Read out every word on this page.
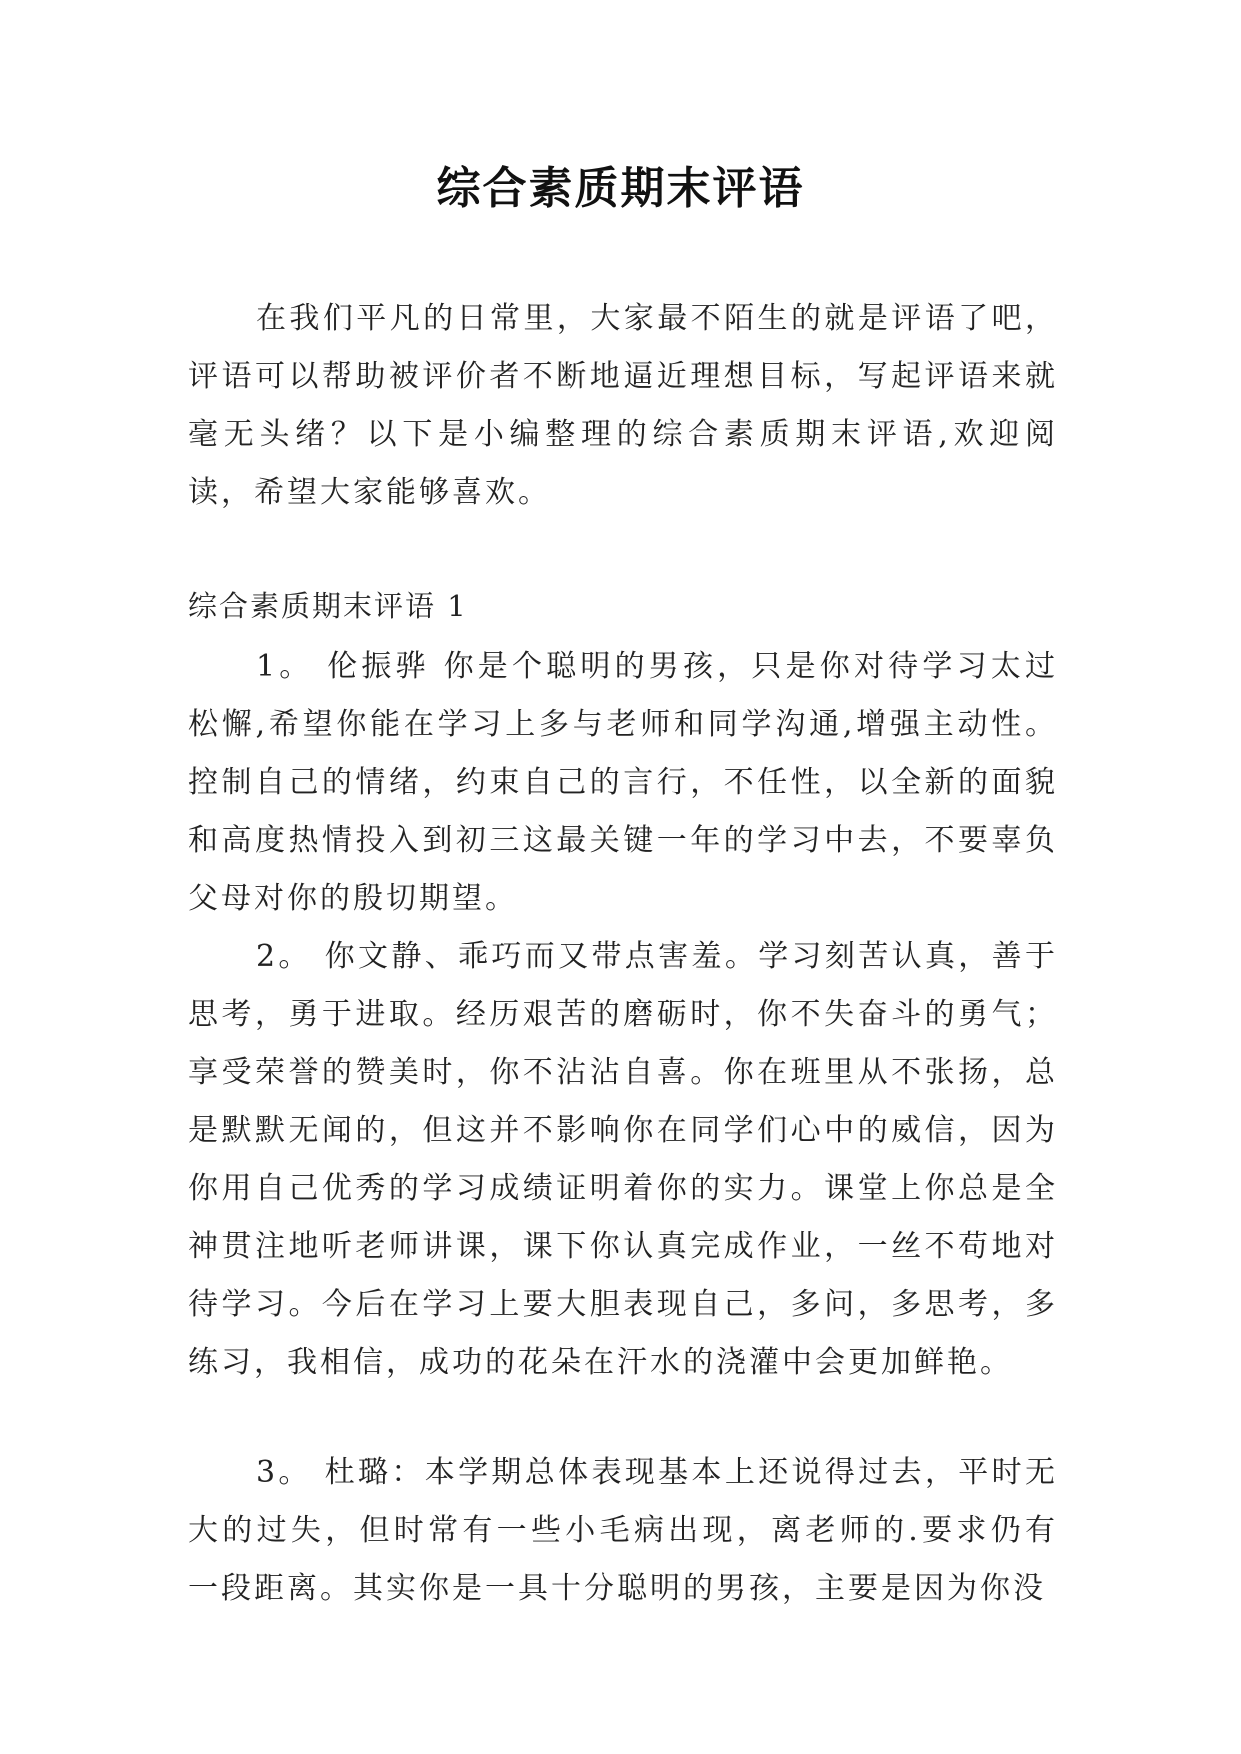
综合素质期末评语

在我们平凡的日常里，大家最不陌生的就是评语了吧，评语可以帮助被评价者不断地逼近理想目标，写起评语来就毫无头绪？以下是小编整理的综合素质期末评语,欢迎阅读，希望大家能够喜欢。

综合素质期末评语 1

1。 伦振骅 你是个聪明的男孩，只是你对待学习太过松懈,希望你能在学习上多与老师和同学沟通,增强主动性。控制自己的情绪，约束自己的言行，不任性，以全新的面貌和高度热情投入到初三这最关键一年的学习中去，不要辜负父母对你的殷切期望。

2。 你文静、乖巧而又带点害羞。学习刻苦认真，善于思考，勇于进取。经历艰苦的磨砺时，你不失奋斗的勇气；享受荣誉的赞美时，你不沾沾自喜。你在班里从不张扬，总是默默无闻的，但这并不影响你在同学们心中的威信，因为你用自己优秀的学习成绩证明着你的实力。课堂上你总是全神贯注地听老师讲课，课下你认真完成作业，一丝不苟地对待学习。今后在学习上要大胆表现自己，多问，多思考，多练习，我相信，成功的花朵在汗水的浇灌中会更加鲜艳。

3。 杜璐：本学期总体表现基本上还说得过去，平时无大的过失，但时常有一些小毛病出现，离老师的.要求仍有一段距离。其实你是一具十分聪明的男孩，主要是因为你没
